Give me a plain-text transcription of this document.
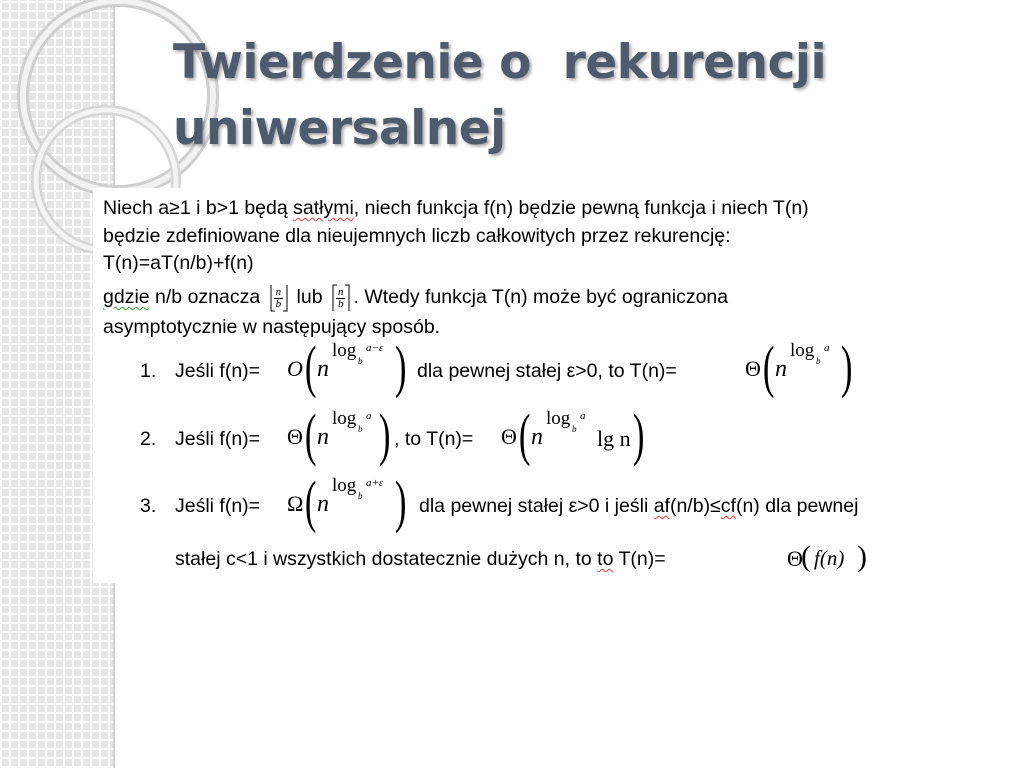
Twierdzenie o  rekurencji
uniwersalnej
Niech a≥1 i b>1 będą satłymi, niech funkcja f(n) będzie pewną funkcja i niech T(n)
będzie zdefiniowane dla nieujemnych liczb całkowitych przez rekurencję:
T(n)=aT(n/b)+f(n)
gdzie n/b oznacza $\frac{n}{b}$ lub $\frac{n}{b}$ . Wtedy funkcja T(n) może być ograniczona
asymptotycznie w następujący sposób.
1. Jeśli f(n)= O ( n
log b
a−ε ) dla pewnej stałej ε>0, to T(n)=	Θ ( n
log b
a )
2. Jeśli f(n)= Θ ( n
log b
a ) , to T(n)= Θ ( n
log b
a
lg n )
3. Jeśli f(n)= Ω ( n
log b
a+ε ) dla pewnej stałej ε>0 i jeśli af(n/b)≤cf(n) dla pewnej
stałej c<1 i wszystkich dostatecznie dużych n, to to T(n)=	Θ
( f(n) )
